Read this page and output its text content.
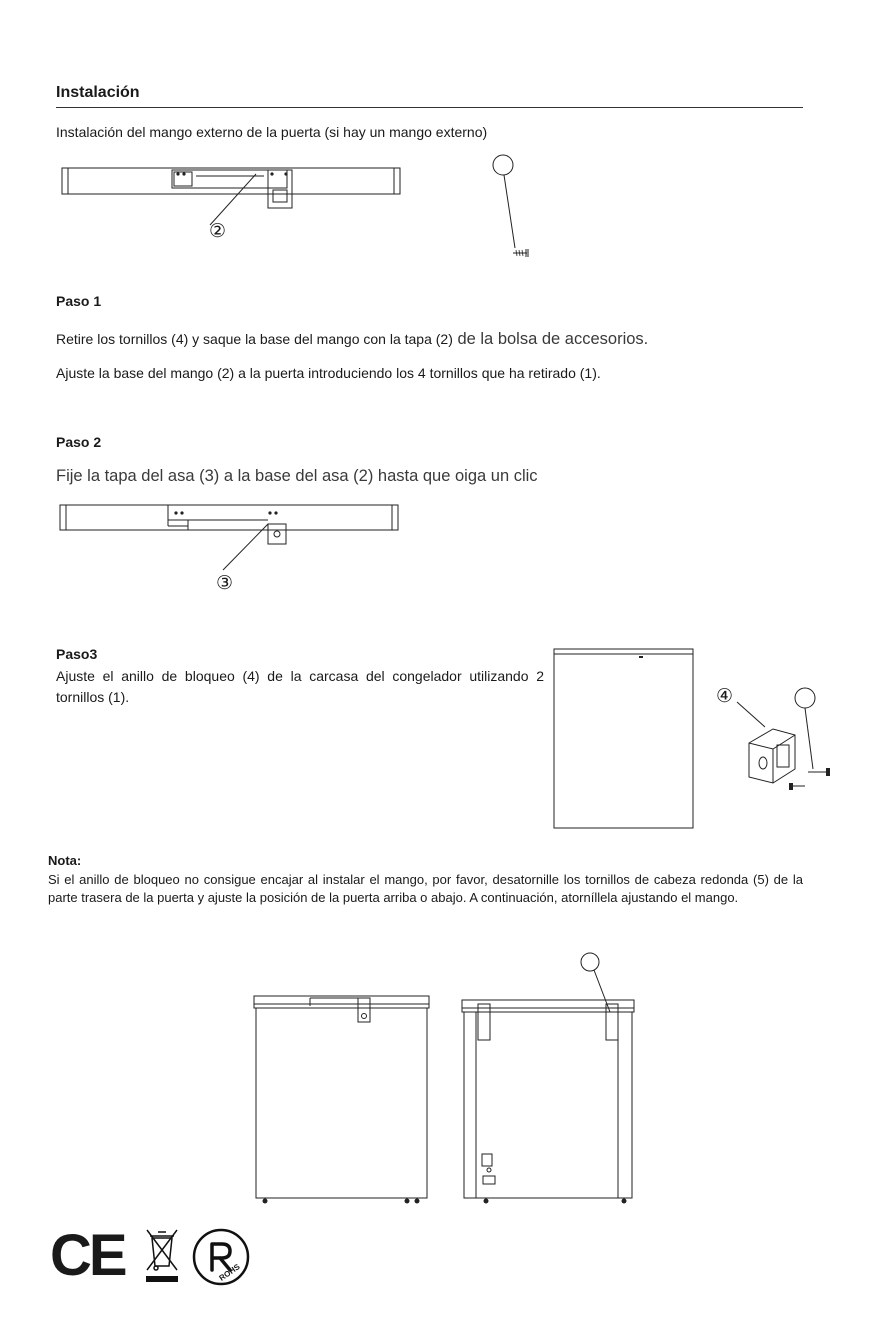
Instalación
Instalación del mango externo de la puerta (si hay un mango externo)
②
Paso 1
Retire los tornillos (4) y saque la base del mango con la tapa (2) de la bolsa de accesorios.
Ajuste la base del mango (2) a la puerta introduciendo los 4 tornillos que ha retirado (1).
Paso 2
Fije la tapa del asa (3) a la base del asa (2) hasta que oiga un clic
③
Paso3
Ajuste el anillo de bloqueo (4) de la carcasa del congelador utilizando 2 tornillos (1).	④
Nota:
Si el anillo de bloqueo no consigue encajar al instalar el mango, por favor, desatornille los tornillos de cabeza redonda (5) de la parte trasera de la puerta y ajuste la posición de la puerta arriba o abajo. A continuación, atorníllela ajustando el mango.
CE	ROHS
